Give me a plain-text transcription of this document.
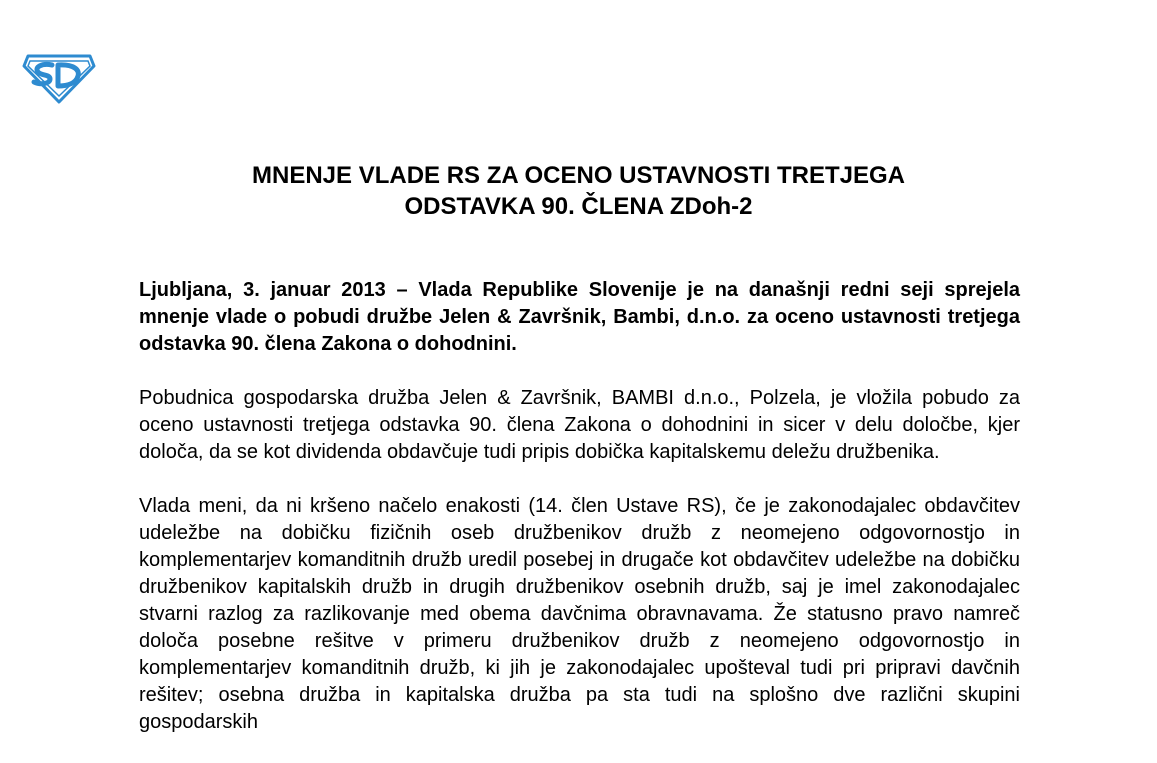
MNENJE VLADE RS ZA OCENO USTAVNOSTI TRETJEGA
ODSTAVKA 90. ČLENA ZDoh-2

Ljubljana, 3. januar 2013 – Vlada Republike Slovenije je na današnji redni seji sprejela mnenje vlade o pobudi družbe Jelen & Završnik, Bambi, d.n.o. za oceno ustavnosti tretjega odstavka 90. člena Zakona o dohodnini.

Pobudnica gospodarska družba Jelen & Završnik, BAMBI d.n.o., Polzela, je vložila pobudo za oceno ustavnosti tretjega odstavka 90. člena Zakona o dohodnini in sicer v delu določbe, kjer določa, da se kot dividenda obdavčuje tudi pripis dobička kapitalskemu deležu družbenika.

Vlada meni, da ni kršeno načelo enakosti (14. člen Ustave RS), če je zakonodajalec obdavčitev udeležbe na dobičku fizičnih oseb družbenikov družb z neomejeno odgovornostjo in komplementarjev komanditnih družb uredil posebej in drugače kot obdavčitev udeležbe na dobičku družbenikov kapitalskih družb in drugih družbenikov osebnih družb, saj je imel zakonodajalec stvarni razlog za razlikovanje med obema davčnima obravnavama. Že statusno pravo namreč določa posebne rešitve v primeru družbenikov družb z neomejeno odgovornostjo in komplementarjev komanditnih družb, ki jih je zakonodajalec upošteval tudi pri pripravi davčnih rešitev; osebna družba in kapitalska družba pa sta tudi na splošno dve različni skupini gospodarskih
